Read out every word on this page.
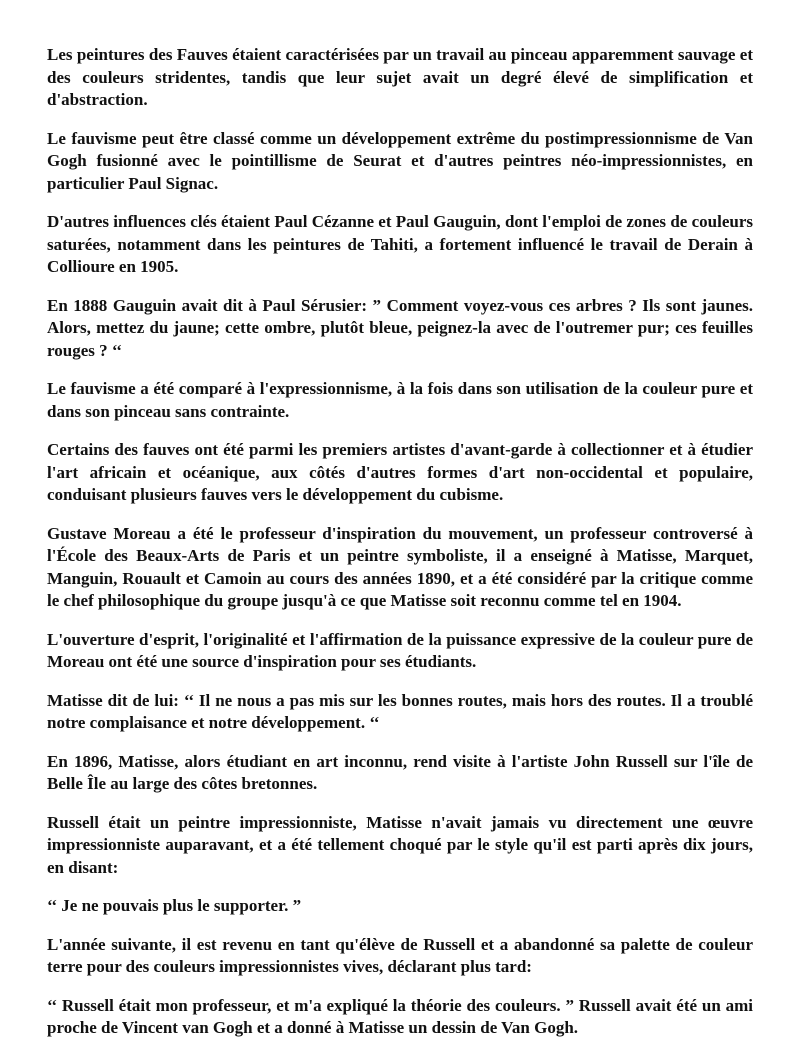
Les peintures des Fauves étaient caractérisées par un travail au pinceau apparemment sauvage et des couleurs stridentes, tandis que leur sujet avait un degré élevé de simplification et d'abstraction.

Le fauvisme peut être classé comme un développement extrême du postimpressionnisme de Van Gogh fusionné avec le pointillisme de Seurat et d'autres peintres néo-impressionnistes, en particulier Paul Signac.

D'autres influences clés étaient Paul Cézanne et Paul Gauguin, dont l'emploi de zones de couleurs saturées, notamment dans les peintures de Tahiti, a fortement influencé le travail de Derain à Collioure en 1905.

En 1888 Gauguin avait dit à Paul Sérusier: ” Comment voyez-vous ces arbres ? Ils sont jaunes. Alors, mettez du jaune; cette ombre, plutôt bleue, peignez-la avec de l'outremer pur; ces feuilles rouges ? ‘‘

Le fauvisme a été comparé à l'expressionnisme, à la fois dans son utilisation de la couleur pure et dans son pinceau sans contrainte.

Certains des fauves ont été parmi les premiers artistes d'avant-garde à collectionner et à étudier l'art africain et océanique, aux côtés d'autres formes d'art non-occidental et populaire, conduisant plusieurs fauves vers le développement du cubisme.

Gustave Moreau a été le professeur d'inspiration du mouvement, un professeur controversé à l'École des Beaux-Arts de Paris et un peintre symboliste, il a enseigné à Matisse, Marquet, Manguin, Rouault et Camoin au cours des années 1890, et a été considéré par la critique comme le chef philosophique du groupe jusqu'à ce que Matisse soit reconnu comme tel en 1904.

L'ouverture d'esprit, l'originalité et l'affirmation de la puissance expressive de la couleur pure de Moreau ont été une source d'inspiration pour ses étudiants.

Matisse dit de lui: ‘‘ Il ne nous a pas mis sur les bonnes routes, mais hors des routes. Il a troublé notre complaisance et notre développement. ‘‘

En 1896, Matisse, alors étudiant en art inconnu, rend visite à l'artiste John Russell sur l'île de Belle Île au large des côtes bretonnes.

Russell était un peintre impressionniste, Matisse n'avait jamais vu directement une œuvre impressionniste auparavant, et a été tellement choqué par le style qu'il est parti après dix jours, en disant:

‘‘ Je ne pouvais plus le supporter. ”

L'année suivante, il est revenu en tant qu'élève de Russell et a abandonné sa palette de couleur terre pour des couleurs impressionnistes vives, déclarant plus tard:

‘‘ Russell était mon professeur, et m'a expliqué la théorie des couleurs. ” Russell avait été un ami proche de Vincent van Gogh et a donné à Matisse un dessin de Van Gogh.
